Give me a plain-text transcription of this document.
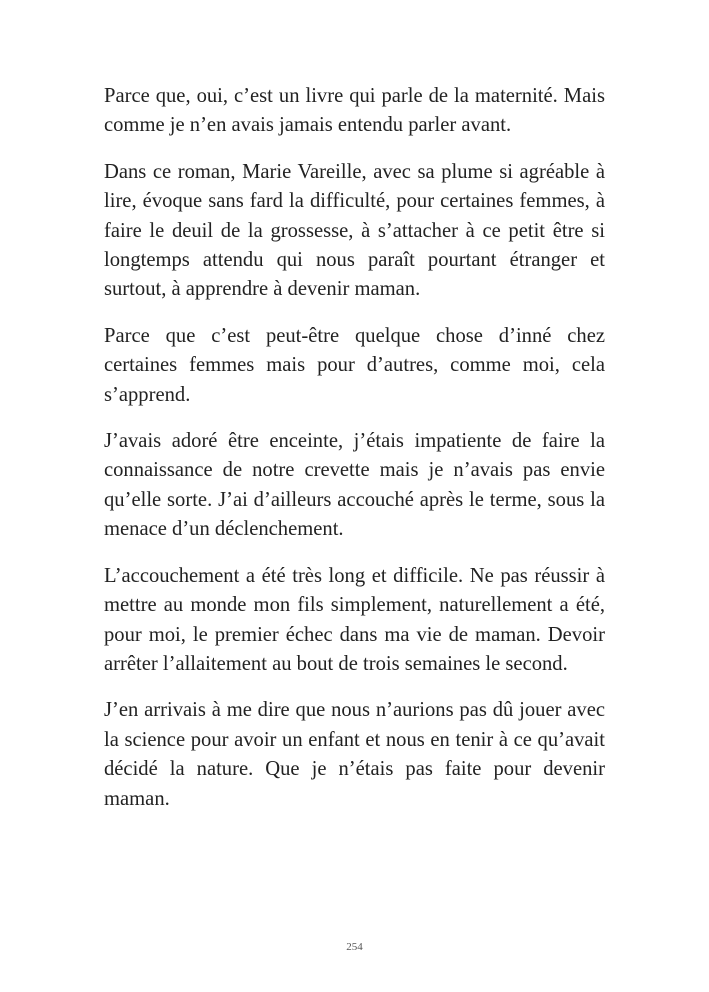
Parce que, oui, c’est un livre qui parle de la maternité. Mais comme je n’en avais jamais entendu parler avant.

Dans ce roman, Marie Vareille, avec sa plume si agréable à lire, évoque sans fard la difficulté, pour certaines femmes, à faire le deuil de la grossesse, à s’attacher à ce petit être si longtemps attendu qui nous paraît pourtant étranger et surtout, à apprendre à devenir maman.

Parce que c’est peut-être quelque chose d’inné chez certaines femmes mais pour d’autres, comme moi, cela s’apprend.

J’avais adoré être enceinte, j’étais impatiente de faire la connaissance de notre crevette mais je n’avais pas envie qu’elle sorte. J’ai d’ailleurs accouché après le terme, sous la menace d’un déclenchement.

L’accouchement a été très long et difficile. Ne pas réussir à mettre au monde mon fils simplement, naturellement a été, pour moi, le premier échec dans ma vie de maman. Devoir arrêter l’allaitement au bout de trois semaines le second.

J’en arrivais à me dire que nous n’aurions pas dû jouer avec la science pour avoir un enfant et nous en tenir à ce qu’avait décidé la nature. Que je n’étais pas faite pour devenir maman.

254
